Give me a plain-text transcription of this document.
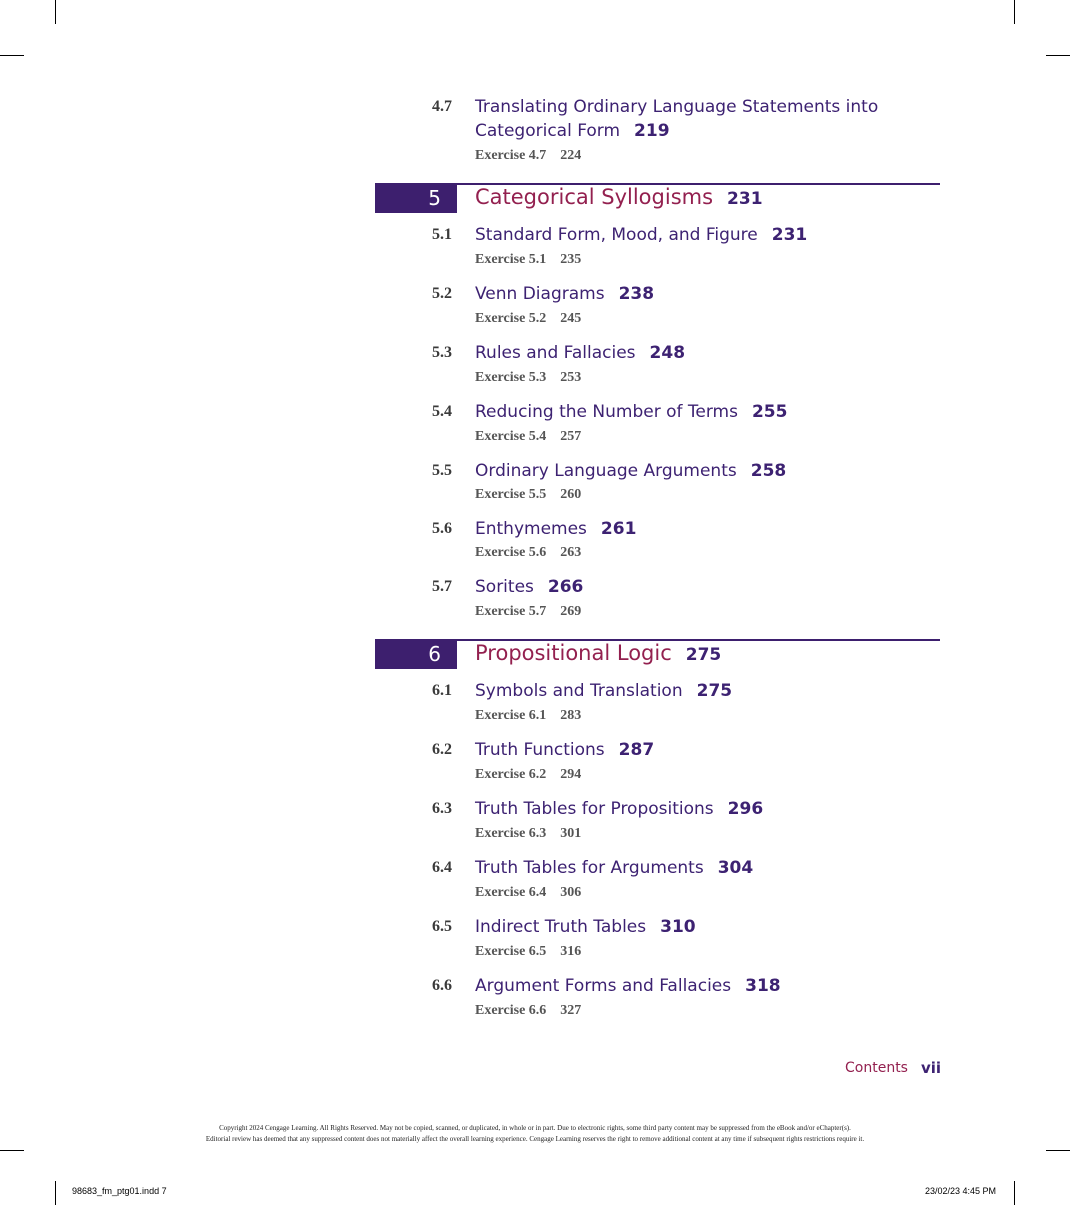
4.7 Translating Ordinary Language Statements into
Categorical Form 219
Exercise 4.7 224
5 Categorical Syllogisms 231
5.1 Standard Form, Mood, and Figure 231
Exercise 5.1 235
5.2 Venn Diagrams 238
Exercise 5.2 245
5.3 Rules and Fallacies 248
Exercise 5.3 253
5.4 Reducing the Number of Terms 255
Exercise 5.4 257
5.5 Ordinary Language Arguments 258
Exercise 5.5 260
5.6 Enthymemes 261
Exercise 5.6 263
5.7 Sorites 266
Exercise 5.7 269
6 Propositional Logic 275
6.1 Symbols and Translation 275
Exercise 6.1 283
6.2 Truth Functions 287
Exercise 6.2 294
6.3 Truth Tables for Propositions 296
Exercise 6.3 301
6.4 Truth Tables for Arguments 304
Exercise 6.4 306
6.5 Indirect Truth Tables 310
Exercise 6.5 316
6.6 Argument Forms and Fallacies 318
Exercise 6.6 327
Contents vii
Copyright 2024 Cengage Learning. All Rights Reserved. May not be copied, scanned, or duplicated, in whole or in part. Due to electronic rights, some third party content may be suppressed from the eBook and/or eChapter(s).
Editorial review has deemed that any suppressed content does not materially affect the overall learning experience. Cengage Learning reserves the right to remove additional content at any time if subsequent rights restrictions require it.
98683_fm_ptg01.indd 7	23/02/23 4:45 PM
